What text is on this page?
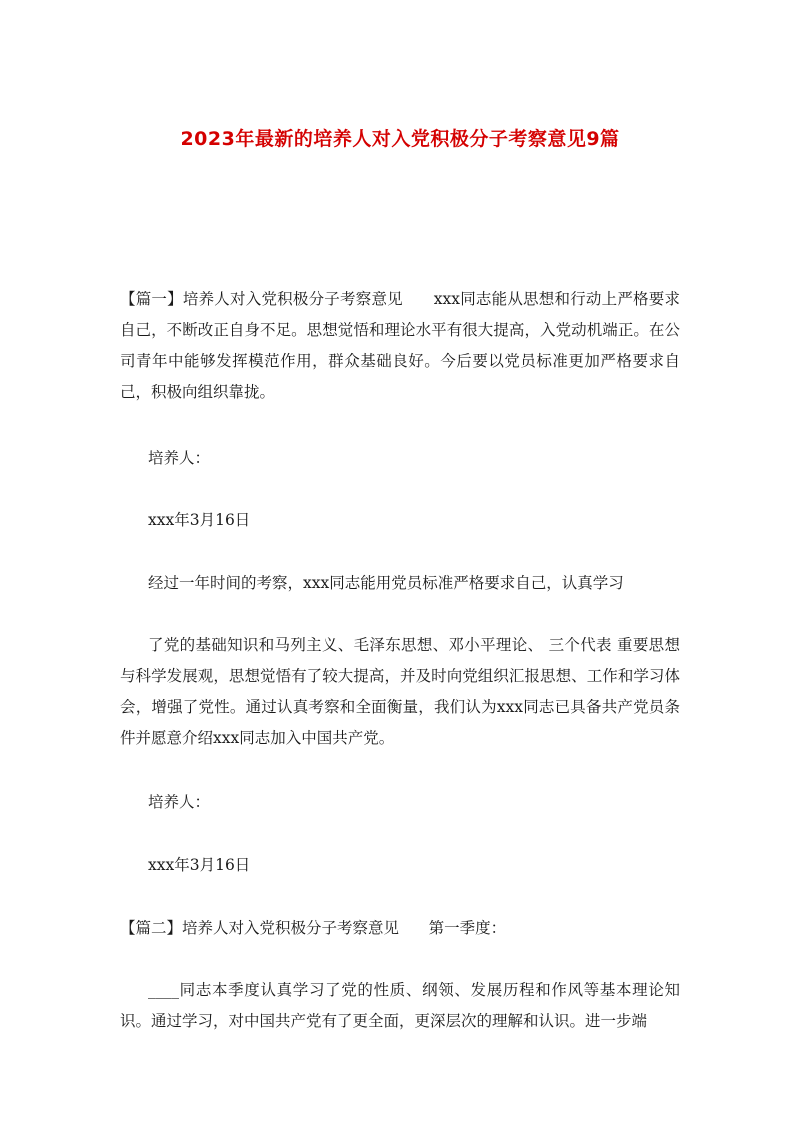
2023年最新的培养人对入党积极分子考察意见9篇

【篇一】培养人对入党积极分子考察意见 xxx同志能从思想和行动上严格要求自己，不断改正自身不足。思想觉悟和理论水平有很大提高，入党动机端正。在公司青年中能够发挥模范作用，群众基础良好。今后要以党员标准更加严格要求自己，积极向组织靠拢。

培养人：
xxx年3月16日
经过一年时间的考察，xxx同志能用党员标准严格要求自己，认真学习

了党的基础知识和马列主义、毛泽东思想、邓小平理论、 三个代表 重要思想与科学发展观，思想觉悟有了较大提高，并及时向党组织汇报思想、工作和学习体会，增强了党性。通过认真考察和全面衡量，我们认为xxx同志已具备共产党员条件并愿意介绍xxx同志加入中国共产党。

培养人：
xxx年3月16日
【篇二】培养人对入党积极分子考察意见 第一季度：

____同志本季度认真学习了党的性质、纲领、发展历程和作风等基本理论知识。通过学习，对中国共产党有了更全面，更深层次的理解和认识。进一步端
